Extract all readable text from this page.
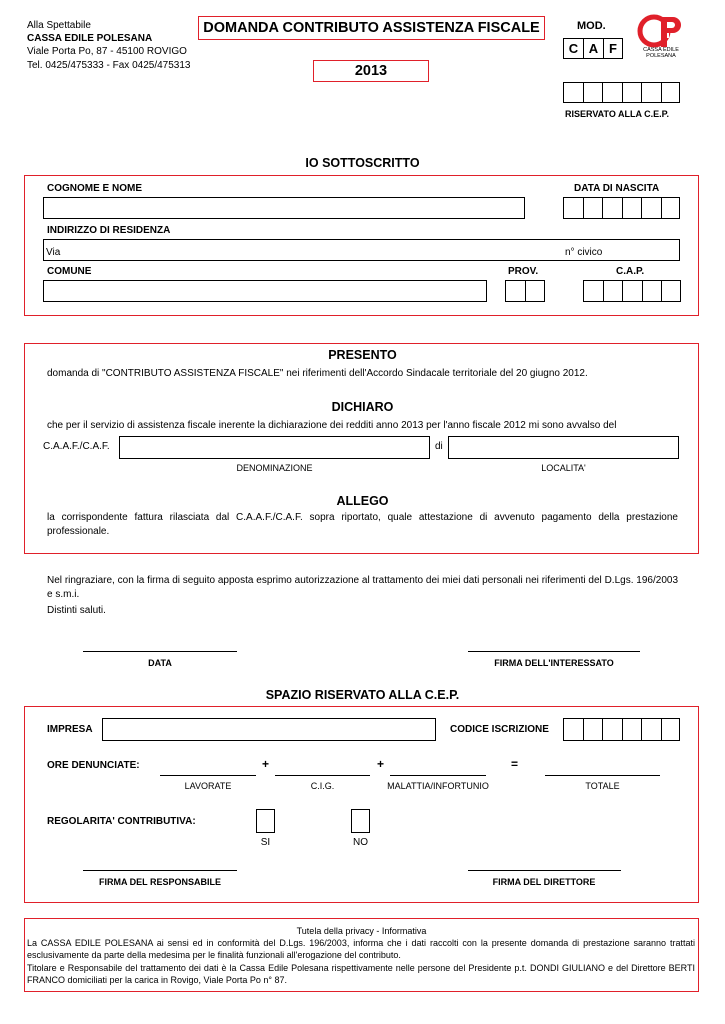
Alla Spettabile
CASSA EDILE POLESANA
Viale Porta Po, 87 - 45100 ROVIGO
Tel. 0425/475333 - Fax 0425/475313
DOMANDA CONTRIBUTO ASSISTENZA FISCALE
2013
MOD.
C A F	CASSA EDILE POLESANA
RISERVATO ALLA C.E.P.
IO SOTTOSCRITTO
COGNOME E NOME	DATA DI NASCITA
INDIRIZZO DI RESIDENZA
Via	n° civico
COMUNE	PROV.	C.A.P.
PRESENTO
domanda di "CONTRIBUTO ASSISTENZA FISCALE" nei riferimenti dell'Accordo Sindacale territoriale del 20 giugno 2012.
DICHIARO
che per il servizio di assistenza fiscale inerente la dichiarazione dei redditi anno 2013 per l'anno fiscale 2012 mi sono avvalso del
C.A.A.F./C.A.F.	di
DENOMINAZIONE	LOCALITA'
ALLEGO
la corrispondente fattura rilasciata dal C.A.A.F./C.A.F. sopra riportato, quale attestazione di avvenuto pagamento della prestazione professionale.
Nel ringraziare, con la firma di seguito apposta esprimo autorizzazione al trattamento dei miei dati personali nei riferimenti del D.Lgs. 196/2003 e s.m.i.
Distinti saluti.
DATA	FIRMA DELL'INTERESSATO
SPAZIO RISERVATO ALLA C.E.P.
IMPRESA	CODICE ISCRIZIONE
ORE DENUNCIATE:	+	+	=
LAVORATE	C.I.G.	MALATTIA/INFORTUNIO	TOTALE
REGOLARITA' CONTRIBUTIVA:
SI	NO
FIRMA DEL RESPONSABILE	FIRMA DEL DIRETTORE
Tutela della privacy - Informativa
La CASSA EDILE POLESANA ai sensi ed in conformità del D.Lgs. 196/2003, informa che i dati raccolti con la presente domanda di prestazione saranno trattati esclusivamente da parte della medesima per le finalità funzionali all'erogazione del contributo.
Titolare e Responsabile del trattamento dei dati è la Cassa Edile Polesana rispettivamente nelle persone del Presidente p.t. DONDI GIULIANO e del Direttore BERTI FRANCO domiciliati per la carica in Rovigo, Viale Porta Po n° 87.
